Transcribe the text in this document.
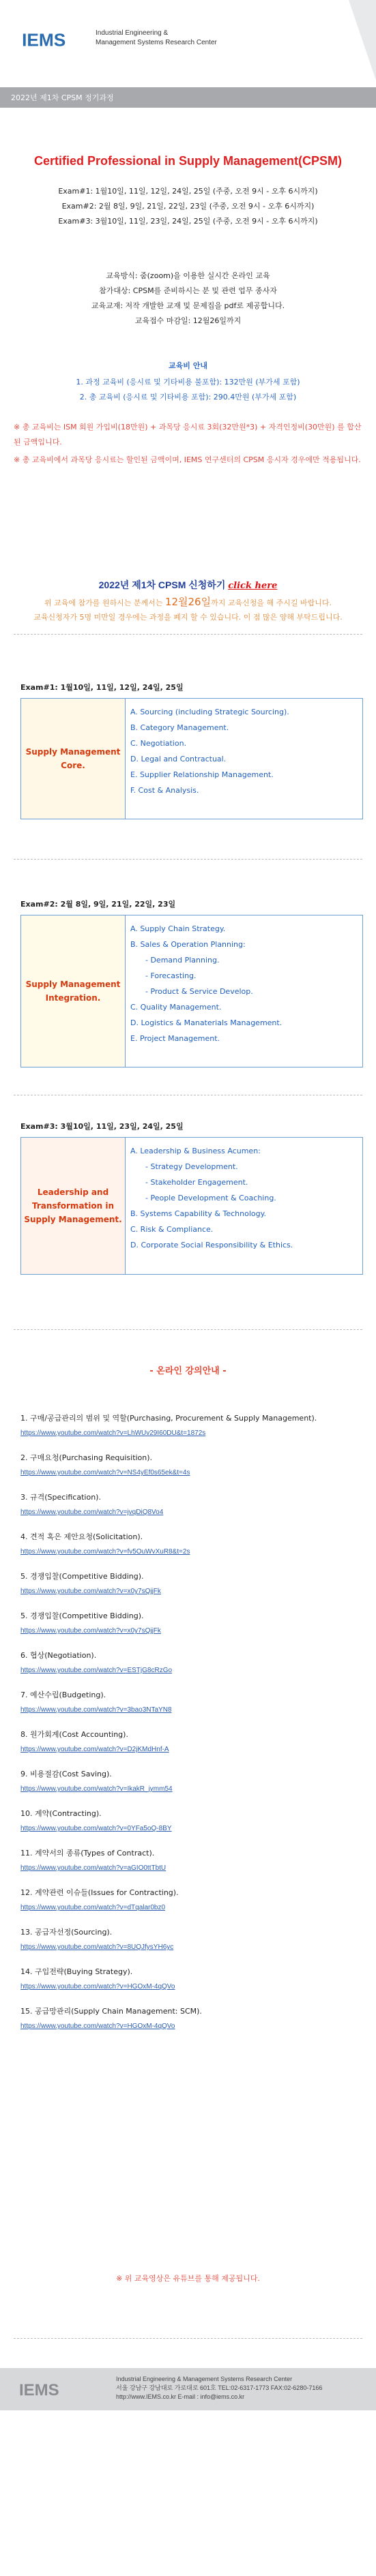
IEMS	Industrial Engineering &
Management Systems Research Center
2022년 제1차 CPSM 정기과정
Certified Professional in Supply Management(CPSM)
Exam#1: 1월10일, 11일, 12일, 24일, 25일 (주중, 오전 9시 - 오후 6시까지)
Exam#2: 2월 8일, 9일, 21일, 22일, 23일 (주중, 오전 9시 - 오후 6시까지)
Exam#3: 3월10일, 11일, 23일, 24일, 25일 (주중, 오전 9시 - 오후 6시까지)
교육방식: 줌(zoom)을 이용한 실시간 온라인 교육
참가대상: CPSM를 준비하시는 분 및 관련 업무 종사자
교육교재: 저작 개발한 교재 및 문제집을 pdf로 제공합니다.
교육접수 마감일: 12월26일까지
교육비 안내
1. 과정 교육비 (응시료 및 기타비용 불포함): 132만원 (부가세 포함)
2. 총 교육비 (응시료 및 기타비용 포함): 290.4만원 (부가세 포함)
※ 총 교육비는 ISM 회원 가입비(18만원) + 과목당 응시료 3회(32만원*3) + 자격인정비(30만원) 를 합산된 금액입니다.
※ 총 교육비에서 과목당 응시료는 할인된 금액이며, IEMS 연구센터의 CPSM 응시자 경우에만 적용됩니다.
2022년 제1차 CPSM 신청하기 click here
위 교육에 참가를 원하시는 분께서는 12월26일까지 교육신청을 해 주시길 바랍니다.
교육신청자가 5명 미만일 경우에는 과정을 폐지 할 수 있습니다. 이 점 많은 양해 부탁드립니다.
Exam#1: 1월10일, 11일, 12일, 24일, 25일
Supply Management
Core.
A. Sourcing (including Strategic Sourcing).
B. Category Management.
C. Negotiation.
D. Legal and Contractual.
E. Supplier Relationship Management.
F. Cost & Analysis.
Exam#2: 2월 8일, 9일, 21일, 22일, 23일
Supply Management
Integration.
A. Supply Chain Strategy.
B. Sales & Operation Planning:
- Demand Planning.
- Forecasting.
- Product & Service Develop.
C. Quality Management.
D. Logistics & Manaterials Management.
E. Project Management.
Exam#3: 3월10일, 11일, 23일, 24일, 25일
Leadership and
Transformation in
Supply Management.
A. Leadership & Business Acumen:
- Strategy Development.
- Stakeholder Engagement.
- People Development & Coaching.
B. Systems Capability & Technology.
C. Risk & Compliance.
D. Corporate Social Responsibility & Ethics.
- 온라인 강의안내 -
1. 구매/공급관리의 범위 및 역할(Purchasing, Procurement & Supply Management).
https://www.youtube.com/watch?v=LhWUv29I60DU&t=1872s
2. 구매요청(Purchasing Requisition).
https://www.youtube.com/watch?v=NS4yEf0s65ek&t=4s
3. 규격(Specification).
https://www.youtube.com/watch?v=jvqDiQ8Vo4
4. 견적 혹은 제안요청(Solicitation).
https://www.youtube.com/watch?v=fv5OuWvXuR8&t=2s
5. 경쟁입찰(Competitive Bidding).
https://www.youtube.com/watch?v=x0y7sQjjFk
5. 경쟁입찰(Competitive Bidding).
https://www.youtube.com/watch?v=x0y7sQjjFk
6. 협상(Negotiation).
https://www.youtube.com/watch?v=ESTjG8cRzGo
7. 예산수립(Budgeting).
https://www.youtube.com/watch?v=3bao3NTaYN8
8. 원가회계(Cost Accounting).
https://www.youtube.com/watch?v=D2jKMdHnf-A
9. 비용절감(Cost Saving).
https://www.youtube.com/watch?v=IkakR_jymm54
10. 계약(Contracting).
https://www.youtube.com/watch?v=0YFa5oQ-8BY
11. 계약서의 종류(Types of Contract).
https://www.youtube.com/watch?v=aGIO0ttTbtU
12. 계약관련 이슈들(Issues for Contracting).
https://www.youtube.com/watch?v=dTqalar0bz0
13. 공급자선정(Sourcing).
https://www.youtube.com/watch?v=8UQJfysYH6yc
14. 구입전략(Buying Strategy).
https://www.youtube.com/watch?v=HGOxM-4qQVo
15. 공급망관리(Supply Chain Management: SCM).
https://www.youtube.com/watch?v=HGOxM-4qQVo
※ 위 교육영상은 유튜브를 통해 제공됩니다.
IEMS
Industrial Engineering & Management Systems Research Center
서울 강남구 강남대로 가로대로 601호 TEL:02-6317-1773 FAX:02-6280-7166
http://www.IEMS.co.kr E-mail : info@iems.co.kr
